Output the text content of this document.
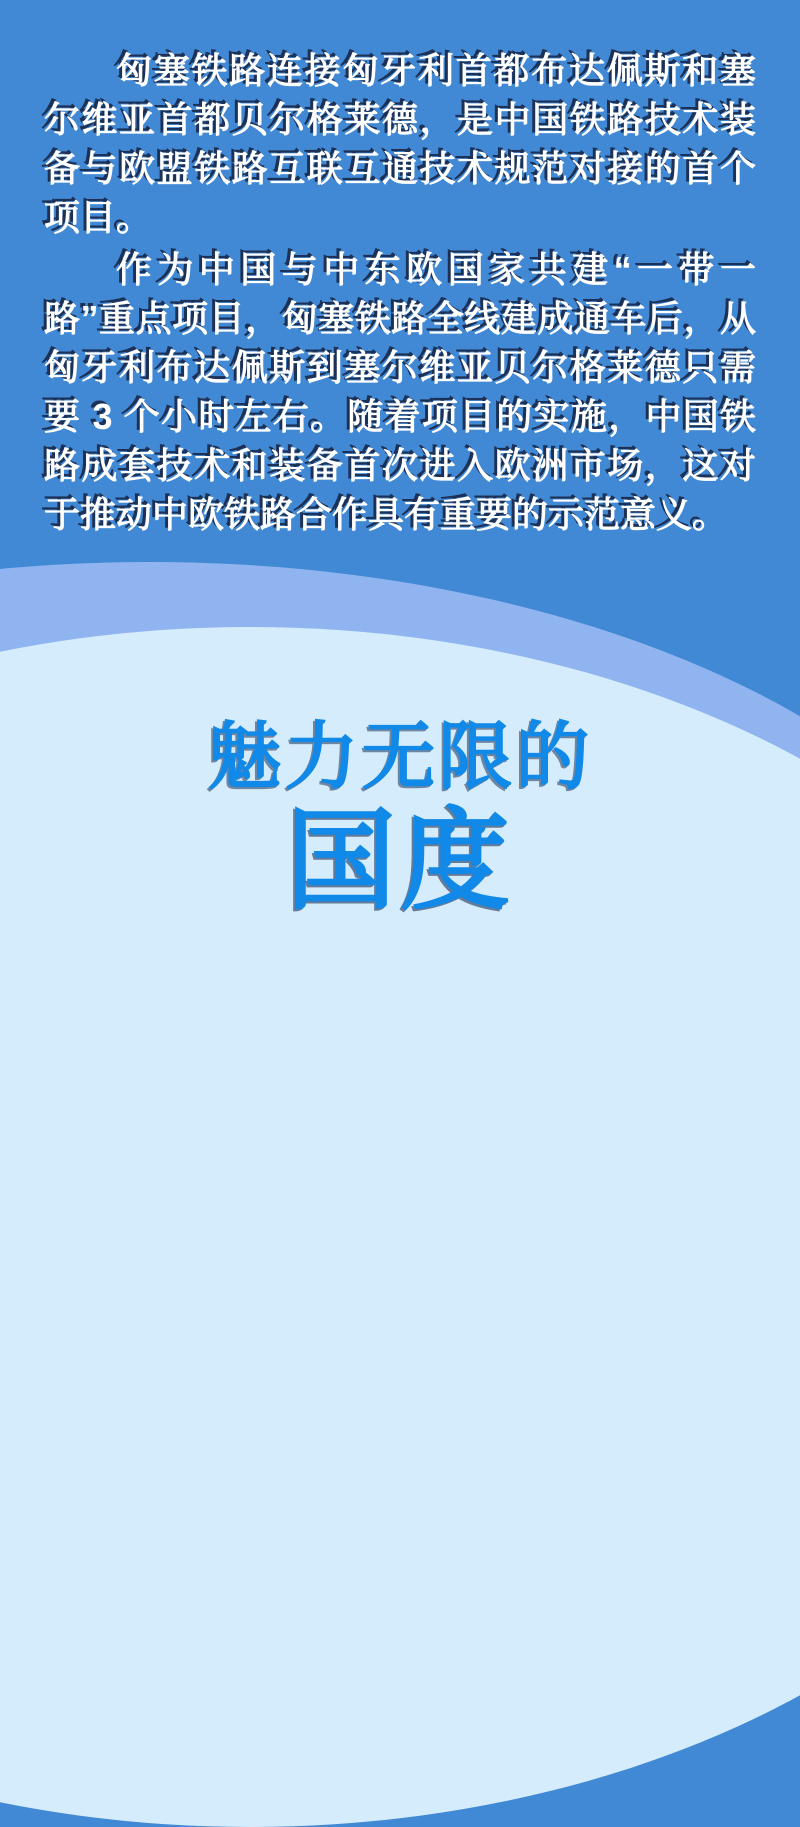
匈塞铁路连接匈牙利首都布达佩斯和塞尔维亚首都贝尔格莱德，是中国铁路技术装备与欧盟铁路互联互通技术规范对接的首个项目。

作为中国与中东欧国家共建“一带一路”重点项目，匈塞铁路全线建成通车后，从匈牙利布达佩斯到塞尔维亚贝尔格莱德只需要 3 个小时左右。随着项目的实施，中国铁路成套技术和装备首次进入欧洲市场，这对于推动中欧铁路合作具有重要的示范意义。

魅力无限的
国度
